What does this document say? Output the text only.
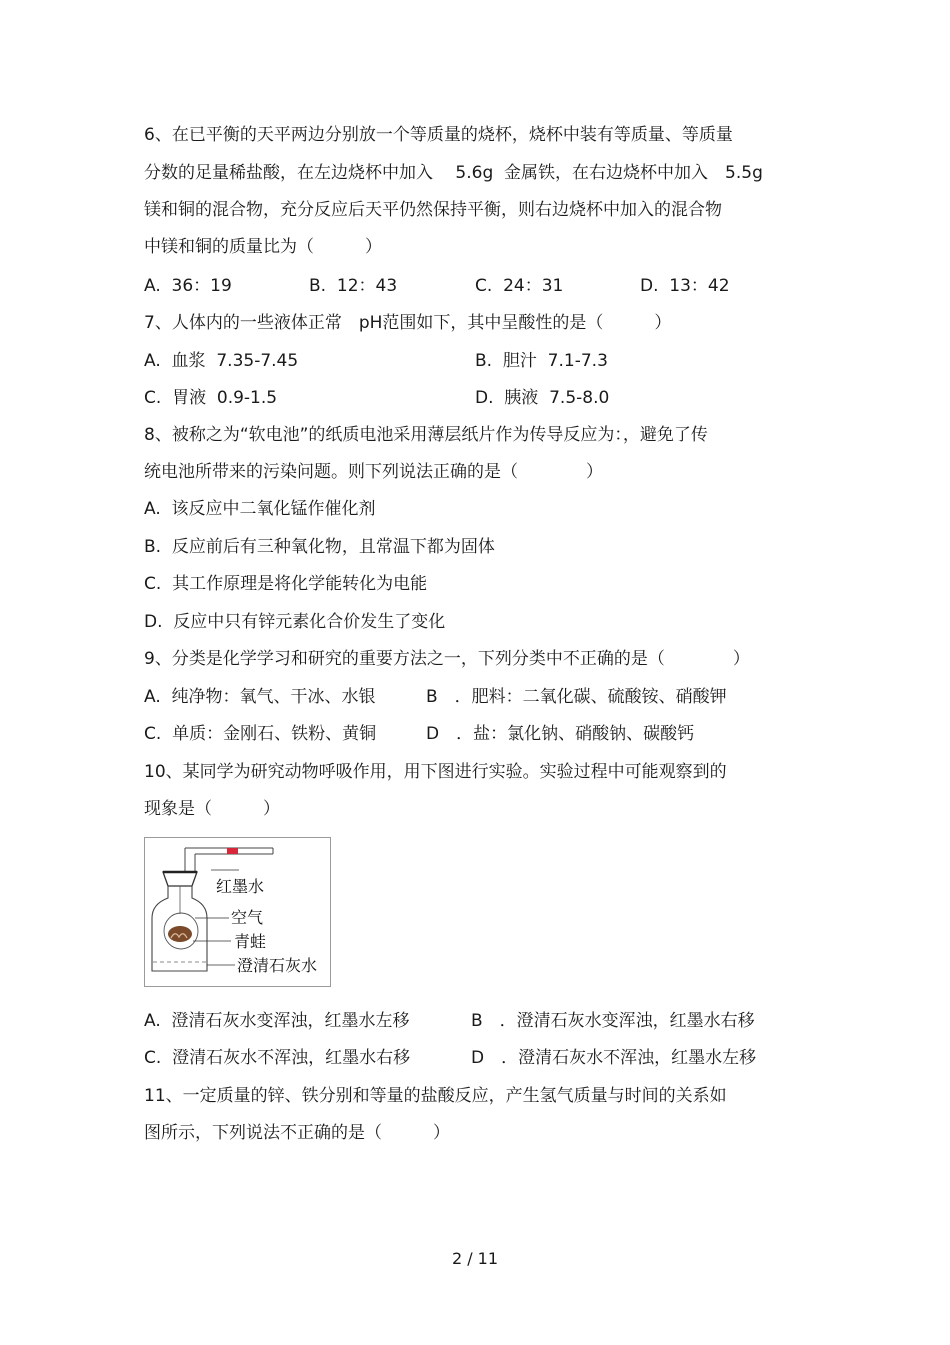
6、在已平衡的天平两边分别放一个等质量的烧杯，烧杯中装有等质量、等质量
分数的足量稀盐酸，在左边烧杯中加入　 5.6g  金属铁，在右边烧杯中加入　5.5g
镁和铜的混合物，充分反应后天平仍然保持平衡，则右边烧杯中加入的混合物
中镁和铜的质量比为（　　　）
A.  36：19	B.  12：43	C.  24：31	D.  13：42
7、人体内的一些液体正常　pH范围如下，其中呈酸性的是（　　　）
A.  血浆  7.35-7.45	B.  胆汁  7.1-7.3
C.  胃液  0.9-1.5	D.  胰液  7.5-8.0
8、被称之为“软电池”的纸质电池采用薄层纸片作为传导反应为：，避免了传
统电池所带来的污染问题。则下列说法正确的是（　　　　）
A.  该反应中二氧化锰作催化剂
B.  反应前后有三种氧化物，且常温下都为固体
C.  其工作原理是将化学能转化为电能
D.  反应中只有锌元素化合价发生了变化
9、分类是化学学习和研究的重要方法之一，下列分类中不正确的是（　　　　）
A.  纯净物：氧气、干冰、水银	B　．肥料：二氧化碳、硫酸铵、硝酸钾
C.  单质：金刚石、铁粉、黄铜	D　．盐：氯化钠、硝酸钠、碳酸钙
10、某同学为研究动物呼吸作用，用下图进行实验。实验过程中可能观察到的
现象是（　　　）
红墨水
空气
青蛙
澄清石灰水
A.  澄清石灰水变浑浊，红墨水左移	B　．澄清石灰水变浑浊，红墨水右移
C.  澄清石灰水不浑浊，红墨水右移	D　．澄清石灰水不浑浊，红墨水左移
11、一定质量的锌、铁分别和等量的盐酸反应，产生氢气质量与时间的关系如
图所示，下列说法不正确的是（　　　）
2 / 11
